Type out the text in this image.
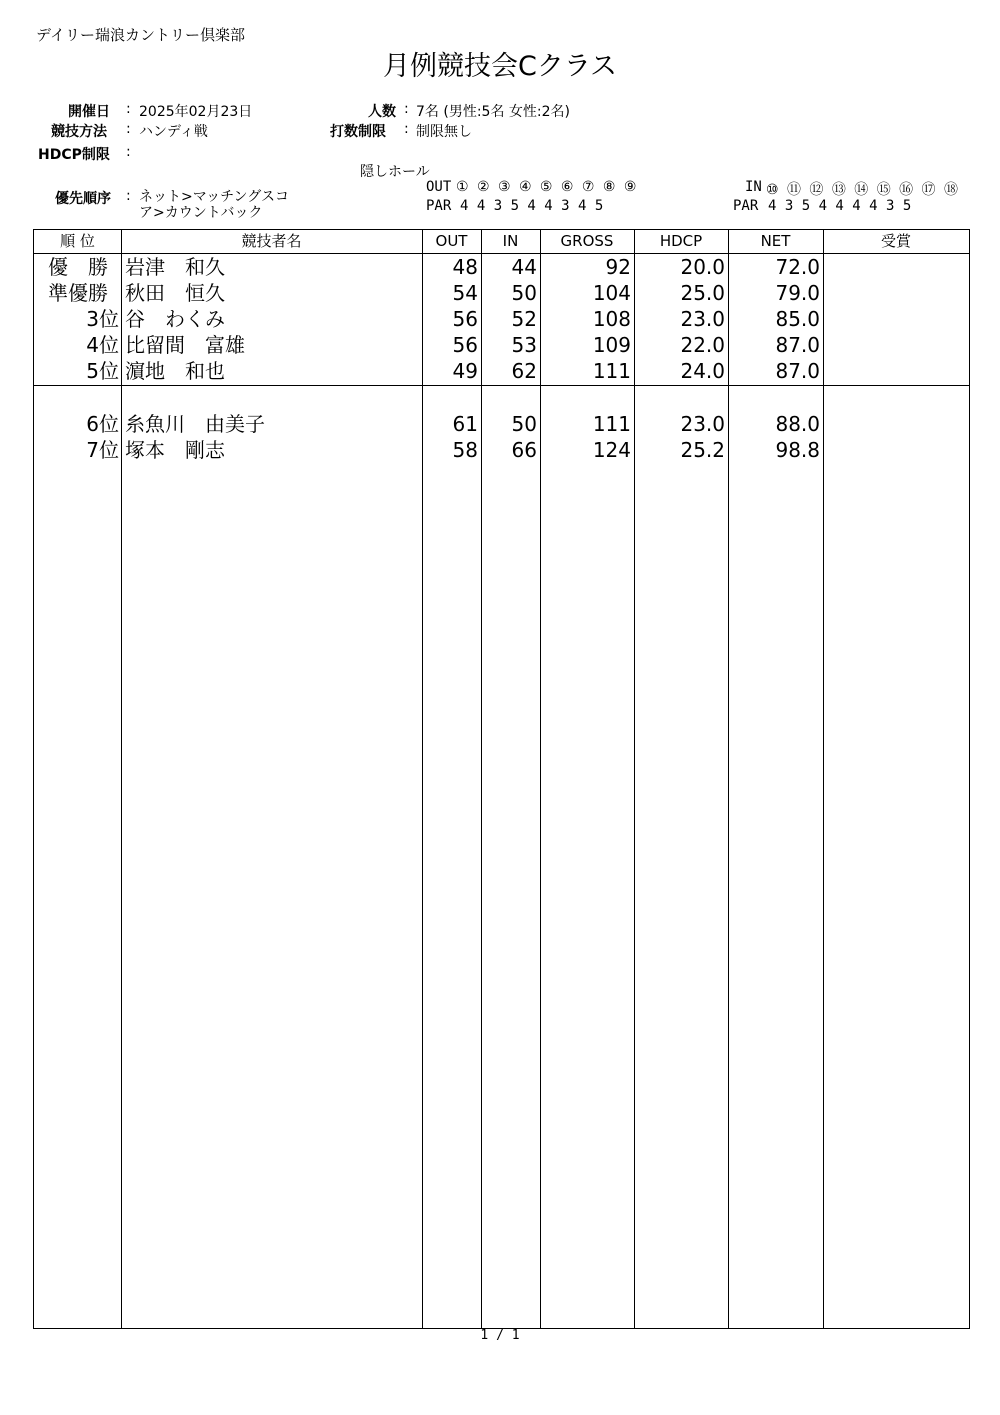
デイリー瑞浪カントリー倶楽部
月例競技会Cクラス
開催日 : 2025年02月23日
競技方法 : ハンディ戦
HDCP制限 :
人数 : 7名 (男性:5名 女性:2名)
打数制限 : 制限無し
隠しホール
優先順序 : ネット>マッチングスコ
ア>カウントバック
OUT ① ② ③ ④ ⑤ ⑥ ⑦ ⑧ ⑨
PAR 4 4 3 5 4 4 3 4 5
IN ⑩ ⑪ ⑫ ⑬ ⑭ ⑮ ⑯ ⑰ ⑱
PAR 4 3 5 4 4 4 4 3 5
順 位	競技者名	OUT	IN	GROSS	HDCP	NET	受賞
優　勝 岩津　和久	48	44	92	20.0	72.0
準優勝 秋田　恒久	54	50	104	25.0	79.0
3位 谷　わくみ	56	52	108	23.0	85.0
4位 比留間　富雄	56	53	109	22.0	87.0
5位 濵地　和也	49	62	111	24.0	87.0
6位 糸魚川　由美子	61	50	111	23.0	88.0
7位 塚本　剛志	58	66	124	25.2	98.8
1 / 1
